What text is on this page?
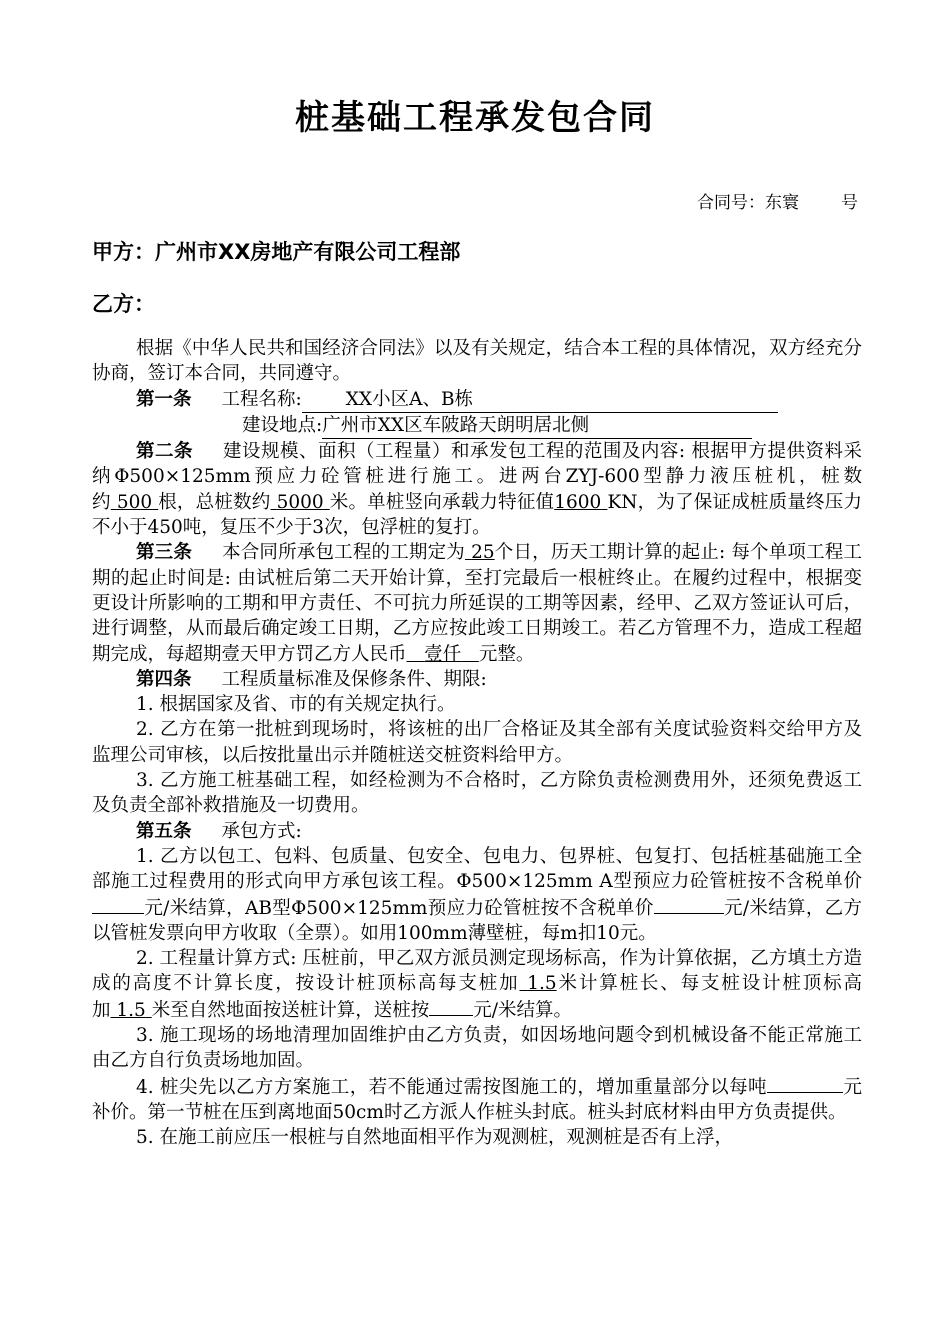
桩基础工程承发包合同
合同号：东寰 号
甲方：广州市XX房地产有限公司工程部
乙方：

根据《中华人民共和国经济合同法》以及有关规定，结合本工程的具体情况，双方经充分协商，签订本合同，共同遵守。

第一条 工程名称: XX小区A、B栋

建设地点:广州市XX区车陂路天朗明居北侧

第二条 建设规模、面积（工程量）和承发包工程的范围及内容: 根据甲方提供资料采纳Φ500×125mm预应力砼管桩进行施工。进两台ZYJ-600型静力液压桩机，桩数约 500 根，总桩数约 5000 米。单桩竖向承载力特征值1600 KN，为了保证成桩质量终压力不小于450吨，复压不少于3次，包浮桩的复打。

第三条 本合同所承包工程的工期定为 25个日，历天工期计算的起止: 每个单项工程工期的起止时间是: 由试桩后第二天开始计算，至打完最后一根桩终止。在履约过程中，根据变更设计所影响的工期和甲方责任、不可抗力所延误的工期等因素，经甲、乙双方签证认可后，进行调整，从而最后确定竣工日期，乙方应按此竣工日期竣工。若乙方管理不力，造成工程超期完成，每超期壹天甲方罚乙方人民币 壹仟 元整。

第四条 工程质量标准及保修条件、期限:

1. 根据国家及省、市的有关规定执行。

2. 乙方在第一批桩到现场时，将该桩的出厂合格证及其全部有关度试验资料交给甲方及监理公司审核，以后按批量出示并随桩送交桩资料给甲方。

3. 乙方施工桩基础工程，如经检测为不合格时，乙方除负责检测费用外，还须免费返工及负责全部补救措施及一切费用。

第五条 承包方式:

1. 乙方以包工、包料、包质量、包安全、包电力、包界桩、包复打、包括桩基础施工全部施工过程费用的形式向甲方承包该工程。Φ500×125mm A型预应力砼管桩按不含税单价元/米结算，AB型Φ500×125mm预应力砼管桩按不含税单价	元/米结算，乙方以管桩发票向甲方收取（全票）。如用100mm薄壁桩，每m扣10元。

2. 工程量计算方式: 压桩前，甲乙双方派员测定现场标高，作为计算依据，乙方填土方造成的高度不计算长度，按设计桩顶标高每支桩加 1.5米计算桩长、每支桩设计桩顶标高加 1.5 米至自然地面按送桩计算，送桩按 元/米结算。

3. 施工现场的场地清理加固维护由乙方负责，如因场地问题令到机械设备不能正常施工由乙方自行负责场地加固。

4. 桩尖先以乙方方案施工，若不能通过需按图施工的，增加重量部分以每吨	元补价。第一节桩在压到离地面50cm时乙方派人作桩头封底。桩头封底材料由甲方负责提供。

5. 在施工前应压一根桩与自然地面相平作为观测桩，观测桩是否有上浮，
